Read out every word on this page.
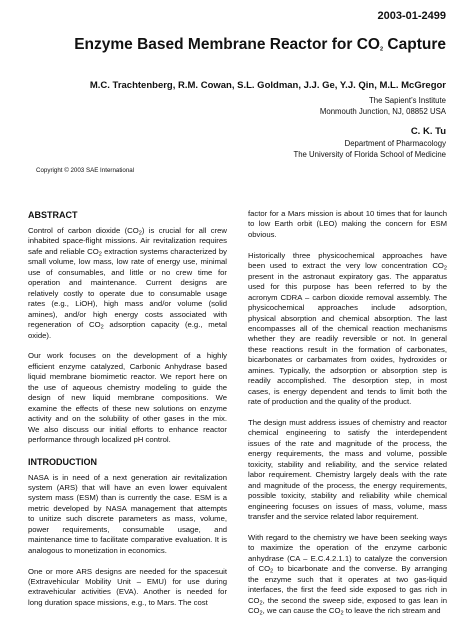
2003-01-2499
Enzyme Based Membrane Reactor for $CO_2$ Capture
M.C. Trachtenberg, R.M. Cowan, S.L. Goldman, J.J. Ge, Y.J. Qin, M.L. McGregor
The Sapient’s Institute
Monmouth Junction, NJ, 08852 USA
C. K. Tu
Department of Pharmacology
The University of Florida School of Medicine
Copyright © 2003 SAE International
ABSTRACT

Control of carbon dioxide $(CO_2)$ is crucial for all crew
inhabited space-flight missions. Air revitalization requires
safe and reliable $CO_2$ extraction systems characterized by
small volume, low mass, low rate of energy use, minimal
use of consumables, and little or no crew time for
operation and maintenance. Current designs are
relatively costly to operate due to consumable usage
rates (e.g., LiOH), high mass and/or volume (solid
amines), and/or high energy costs associated with
regeneration of $CO_2$ adsorption capacity (e.g., metal
oxide).

Our work focuses on the development of a highly
efficient enzyme catalyzed, Carbonic Anhydrase based
liquid membrane biomimetic reactor. We report here on
the use of aqueous chemistry modeling to guide the
design of new liquid membrane compositions. We
examine the effects of these new solutions on enzyme
activity and on the solubility of other gases in the mix.
We also discuss our initial efforts to enhance reactor
performance through localized pH control.

INTRODUCTION

NASA is in need of a next generation air revitalization
system (ARS) that will have an even lower equivalent
system mass (ESM) than is currently the case. ESM is a
metric developed by NASA management that attempts
to unitize such discrete parameters as mass, volume,
power requirements, consumable usage, and
maintenance time to facilitate comparative evaluation. It is
analogous to monetization in economics.

One or more ARS designs are needed for the spacesuit
(Extravehicular Mobility Unit – EMU) for use during
extravehicular activities (EVA). Another is needed for
long duration space missions, e.g., to Mars. The cost

factor for a Mars mission is about 10 times that for launch
to low Earth orbit (LEO) making the concern for ESM
obvious.

Historically three physicochemical approaches have
been used to extract the very low concentration $CO_2$
present in the astronaut expiratory gas. The apparatus
used for this purpose has been referred to by the
acronym CDRA – carbon dioxide removal assembly. The
physicochemical approaches include adsorption,
physical absorption and chemical absorption. The last
encompasses all of the chemical reaction mechanisms
whether they are readily reversible or not. In general
these reactions result in the formation of carbonates,
bicarbonates or carbamates from oxides, hydroxides or
amines. Typically, the adsorption or absorption step is
readily accomplished. The desorption step, in most
cases, is energy dependent and tends to limit both the
rate of production and the quality of the product.

The design must address issues of chemistry and reactor
chemical engineering to satisfy the interdependent
issues of the rate and magnitude of the process, the
energy requirements, the mass and volume, possible
toxicity, stability and reliability, and the service related
labor requirement. Chemistry largely deals with the rate
and magnitude of the process, the energy requirements,
possible toxicity, stability and reliability while chemical
engineering focuses on issues of mass, volume, mass
transfer and the service related labor requirement.

With regard to the chemistry we have been seeking ways
to maximize the operation of the enzyme carbonic
anhydrase (CA – E.C.4.2.1.1) to catalyze the conversion
of $CO_2$ to bicarbonate and the converse. By arranging
the enzyme such that it operates at two gas-liquid
interfaces, the first the feed side exposed to gas rich in
$CO_2$, the second the sweep side, exposed to gas lean in
$CO_2$, we can cause the $CO_2$ to leave the rich stream and
